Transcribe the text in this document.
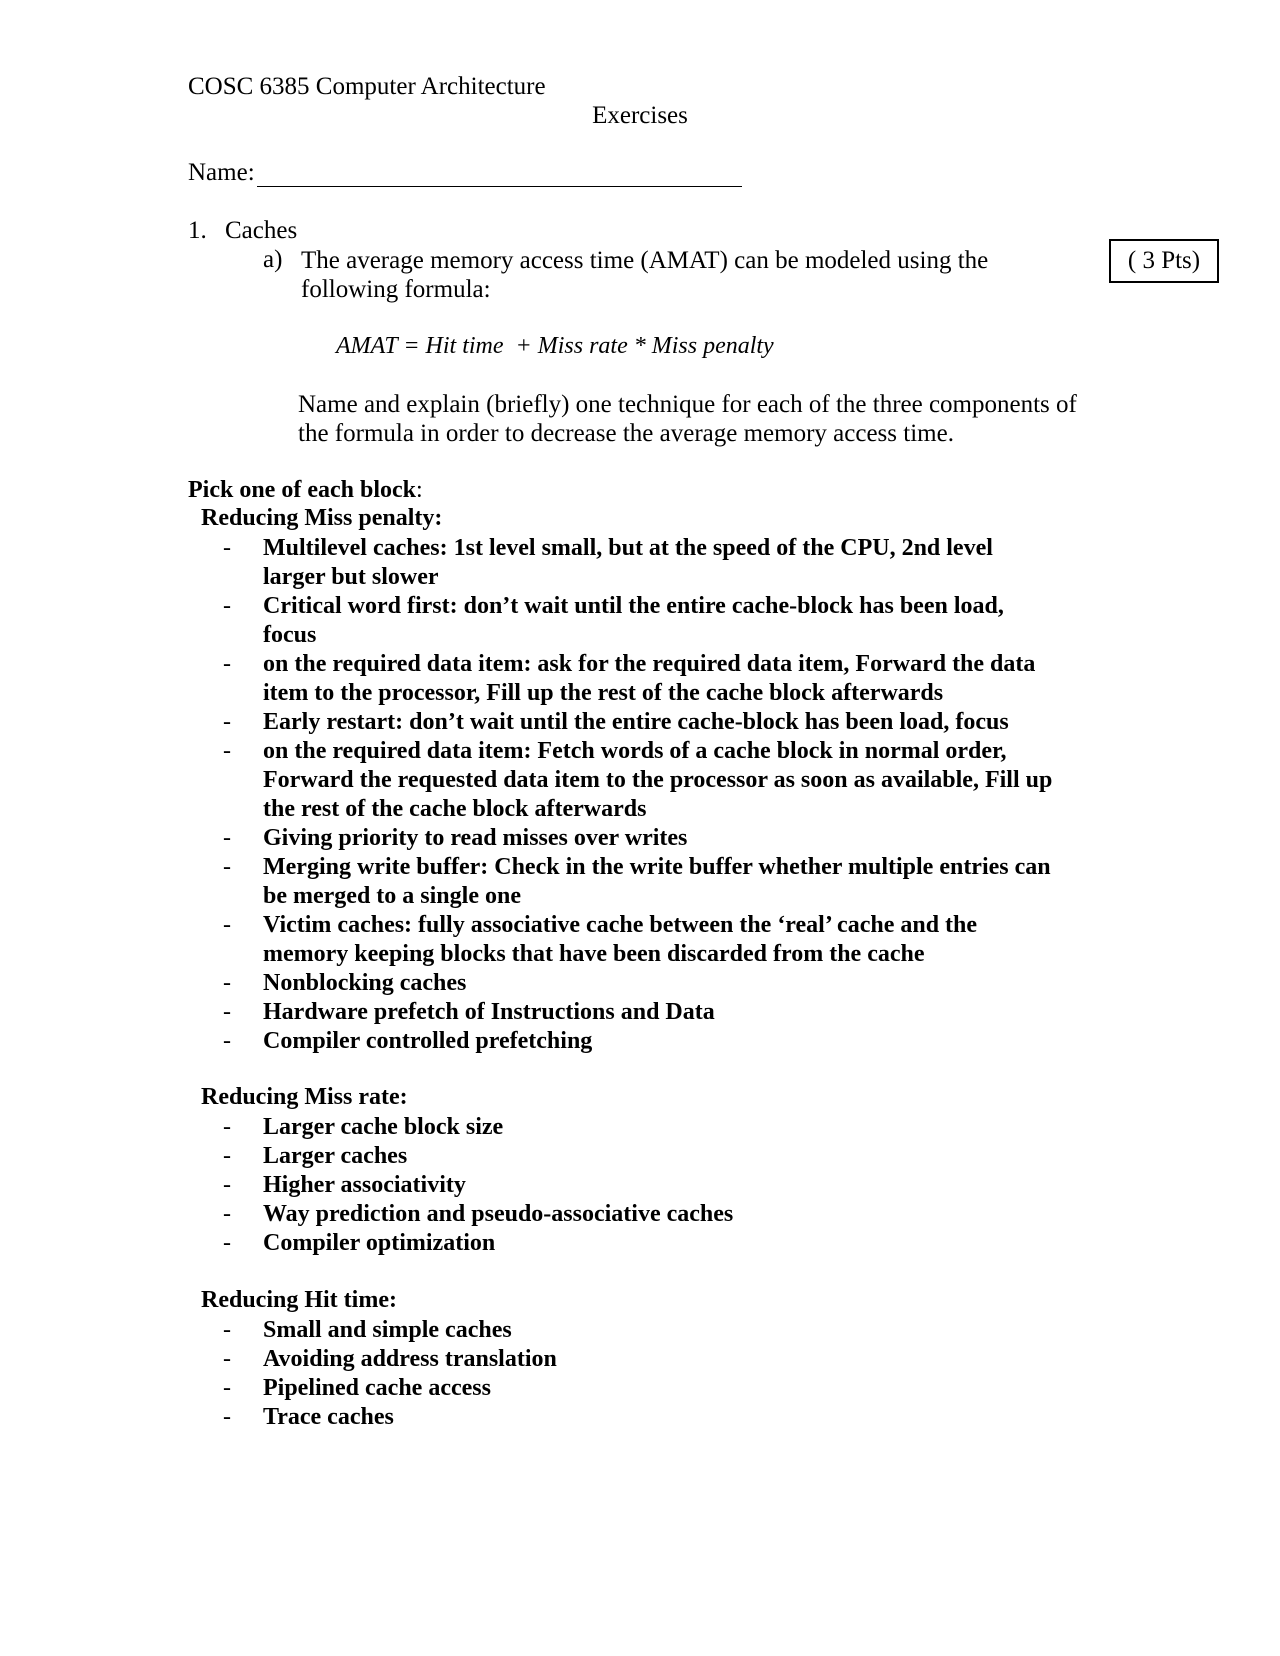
COSC 6385 Computer Architecture
Exercises
Name:
1. Caches
a) The average memory access time (AMAT) can be modeled using the
following formula:
( 3 Pts)
AMAT = Hit time + Miss rate * Miss penalty
Name and explain (briefly) one technique for each of the three components of
the formula in order to decrease the average memory access time.
Pick one of each block:
Reducing Miss penalty:
- Multilevel caches: 1st level small, but at the speed of the CPU, 2nd level
larger but slower
- Critical word first: don’t wait until the entire cache-block has been load,
focus
- on the required data item: ask for the required data item, Forward the data
item to the processor, Fill up the rest of the cache block afterwards
- Early restart: don’t wait until the entire cache-block has been load, focus
- on the required data item: Fetch words of a cache block in normal order,
Forward the requested data item to the processor as soon as available, Fill up
the rest of the cache block afterwards
- Giving priority to read misses over writes
- Merging write buffer: Check in the write buffer whether multiple entries can
be merged to a single one
- Victim caches: fully associative cache between the ‘real’ cache and the
memory keeping blocks that have been discarded from the cache
- Nonblocking caches
- Hardware prefetch of Instructions and Data
- Compiler controlled prefetching
Reducing Miss rate:
- Larger cache block size
- Larger caches
- Higher associativity
- Way prediction and pseudo-associative caches
- Compiler optimization
Reducing Hit time:
- Small and simple caches
- Avoiding address translation
- Pipelined cache access
- Trace caches
